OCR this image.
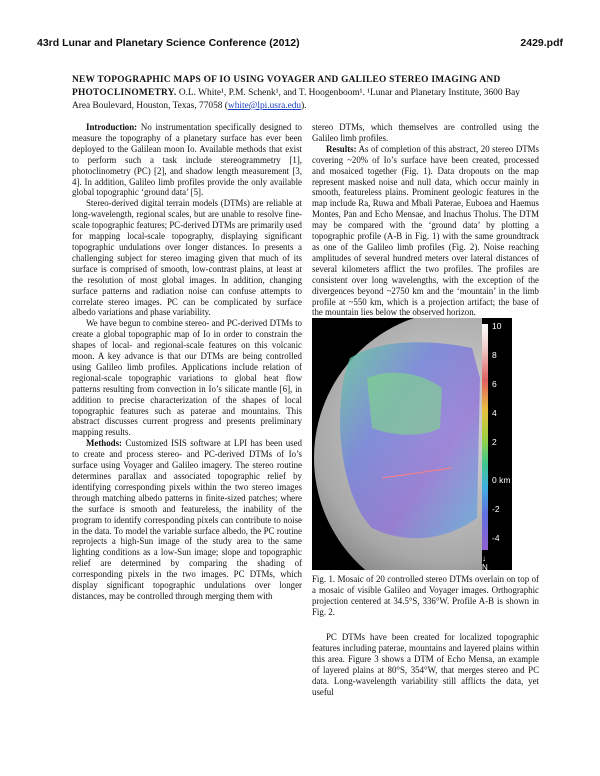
43rd Lunar and Planetary Science Conference (2012)	2429.pdf
NEW TOPOGRAPHIC MAPS OF IO USING VOYAGER AND GALILEO STEREO IMAGING AND PHOTOCLINOMETRY. O.L. White¹, P.M. Schenk¹, and T. Hoogenboom¹. ¹Lunar and Planetary Institute, 3600 Bay Area Boulevard, Houston, Texas, 77058 (white@lpi.usra.edu).

Introduction: No instrumentation specifically designed to measure the topography of a planetary surface has ever been deployed to the Galilean moon Io. Available methods that exist to perform such a task include stereogrammetry [1], photoclinometry (PC) [2], and shadow length measurement [3, 4]. In addition, Galileo limb profiles provide the only available global topographic ‘ground data’ [5].

Stereo-derived digital terrain models (DTMs) are reliable at long-wavelength, regional scales, but are unable to resolve fine-scale topographic features; PC-derived DTMs are primarily used for mapping local-scale topography, displaying significant topographic undulations over longer distances. Io presents a challenging subject for stereo imaging given that much of its surface is comprised of smooth, low-contrast plains, at least at the resolution of most global images. In addition, changing surface patterns and radiation noise can confuse attempts to correlate stereo images. PC can be complicated by surface albedo variations and phase variability.

We have begun to combine stereo- and PC-derived DTMs to create a global topographic map of Io in order to constrain the shapes of local- and regional-scale features on this volcanic moon. A key advance is that our DTMs are being controlled using Galileo limb profiles. Applications include relation of regional-scale topographic variations to global heat flow patterns resulting from convection in Io’s silicate mantle [6], in addition to precise characterization of the shapes of local topographic features such as paterae and mountains. This abstract discusses current progress and presents preliminary mapping results.

Methods: Customized ISIS software at LPI has been used to create and process stereo- and PC-derived DTMs of Io’s surface using Voyager and Galileo imagery. The stereo routine determines parallax and associated topographic relief by identifying corresponding pixels within the two stereo images through matching albedo patterns in finite-sized patches; where the surface is smooth and featureless, the inability of the program to identify corresponding pixels can contribute to noise in the data. To model the variable surface albedo, the PC routine reprojects a high-Sun image of the study area to the same lighting conditions as a low-Sun image; slope and topographic relief are determined by comparing the shading of corresponding pixels in the two images. PC DTMs, which display significant topographic undulations over longer distances, may be controlled through merging them with

stereo DTMs, which themselves are controlled using the Galileo limb profiles.

Results: As of completion of this abstract, 20 stereo DTMs covering ~20% of Io’s surface have been created, processed and mosaiced together (Fig. 1). Data dropouts on the map represent masked noise and null data, which occur mainly in smooth, featureless plains. Prominent geologic features in the map include Ra, Ruwa and Mbali Paterae, Euboea and Haemus Montes, Pan and Echo Mensae, and Inachus Tholus. The DTM may be compared with the ‘ground data’ by plotting a topographic profile (A-B in Fig. 1) with the same groundtrack as one of the Galileo limb profiles (Fig. 2). Noise reaching amplitudes of several hundred meters over lateral distances of several kilometers afflict the two profiles. The profiles are consistent over long wavelengths, with the exception of the divergences beyond ~2750 km and the ‘mountain’ in the limb profile at ~550 km, which is a projection artifact; the base of the mountain lies below the observed horizon.

10
8
6
4
2
0 km
-2
-4
↓
N
Fig. 1. Mosaic of 20 controlled stereo DTMs overlain on top of a mosaic of visible Galileo and Voyager images. Orthographic projection centered at 34.5°S, 336°W. Profile A-B is shown in Fig. 2.

PC DTMs have been created for localized topographic features including paterae, mountains and layered plains within this area. Figure 3 shows a DTM of Echo Mensa, an example of layered plains at 80°S, 354°W, that merges stereo and PC data. Long-wavelength variability still afflicts the data, yet useful
